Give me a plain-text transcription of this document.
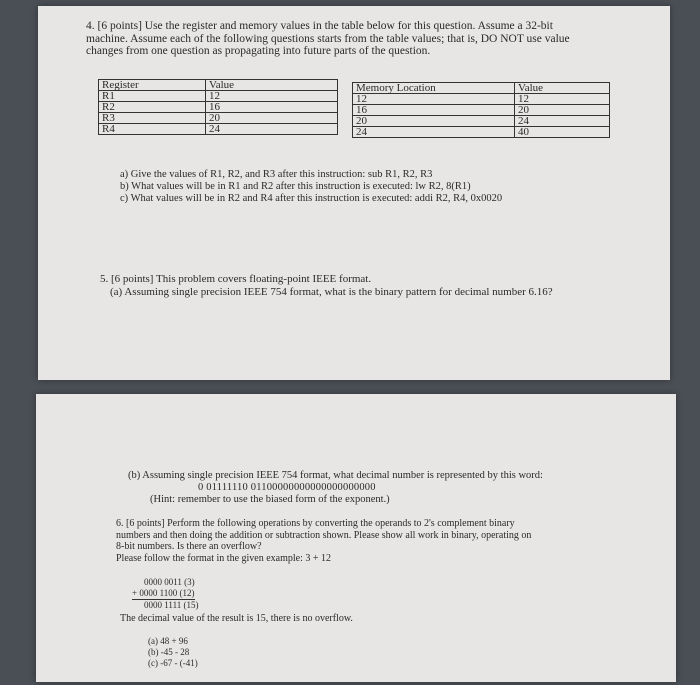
4. [6 points] Use the register and memory values in the table below for this question. Assume a 32-bit
machine. Assume each of the following questions starts from the table values; that is, DO NOT use value
changes from one question as propagating into future parts of the question.
Register	Value
R1	12
R2	16
R3	20
R4	24
Memory Location	Value
12	12
16	20
20	24
24	40
a) Give the values of R1, R2, and R3 after this instruction: sub R1, R2, R3
b) What values will be in R1 and R2 after this instruction is executed: lw R2, 8(R1)
c) What values will be in R2 and R4 after this instruction is executed: addi R2, R4, 0x0020
5. [6 points] This problem covers floating-point IEEE format.
(a) Assuming single precision IEEE 754 format, what is the binary pattern for decimal number 6.16?
(b) Assuming single precision IEEE 754 format, what decimal number is represented by this word:
0 01111110 01100000000000000000000
(Hint: remember to use the biased form of the exponent.)
6. [6 points] Perform the following operations by converting the operands to 2's complement binary
numbers and then doing the addition or subtraction shown. Please show all work in binary, operating on
8-bit numbers. Is there an overflow?
Please follow the format in the given example: 3 + 12
0000 0011 (3)
+ 0000 1100 (12)
0000 1111 (15)
The decimal value of the result is 15, there is no overflow.
(a) 48 + 96
(b) -45 - 28
(c) -67 - (-41)
